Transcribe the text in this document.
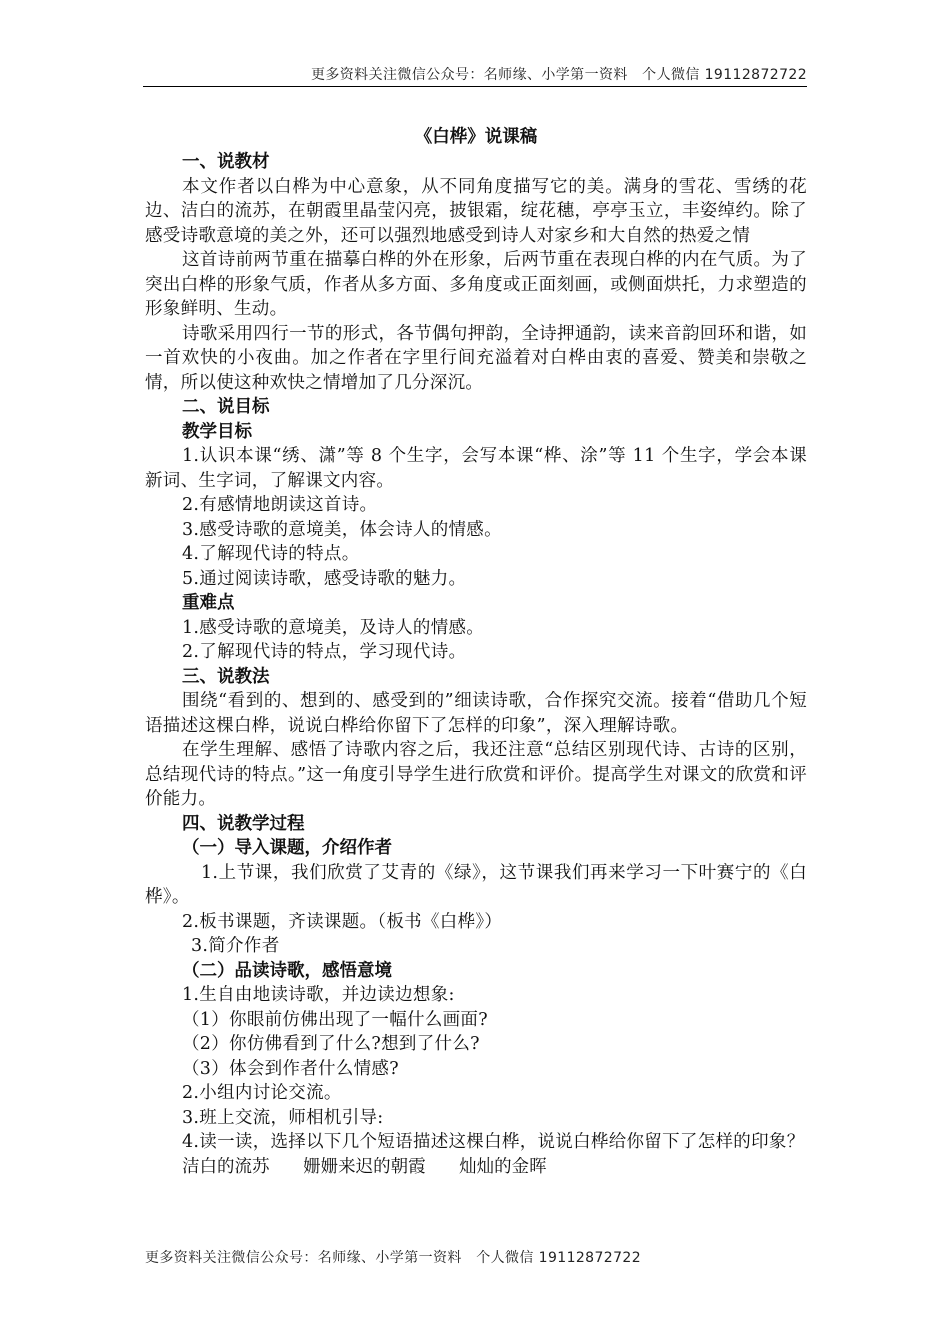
更多资料关注微信公众号：名师缘、小学第一资料　个人微信 19112872722
《白桦》说课稿
一、说教材

本文作者以白桦为中心意象，从不同角度描写它的美。满身的雪花、雪绣的花边、洁白的流苏，在朝霞里晶莹闪亮，披银霜，绽花穗，亭亭玉立，丰姿绰约。除了感受诗歌意境的美之外，还可以强烈地感受到诗人对家乡和大自然的热爱之情

这首诗前两节重在描摹白桦的外在形象，后两节重在表现白桦的内在气质。为了突出白桦的形象气质，作者从多方面、多角度或正面刻画，或侧面烘托，力求塑造的形象鲜明、生动。

诗歌采用四行一节的形式，各节偶句押韵，全诗押通韵，读来音韵回环和谐，如一首欢快的小夜曲。加之作者在字里行间充溢着对白桦由衷的喜爱、赞美和崇敬之情，所以使这种欢快之情增加了几分深沉。

二、说目标
教学目标
1.认识本课“绣、潇”等 8 个生字，会写本课“桦、涂”等 11 个生字，学会本课新词、生字词，了解课文内容。
2.有感情地朗读这首诗。
3.感受诗歌的意境美，体会诗人的情感。
4.了解现代诗的特点。
5.通过阅读诗歌，感受诗歌的魅力。
重难点
1.感受诗歌的意境美，及诗人的情感。
2.了解现代诗的特点，学习现代诗。
三、说教法

围绕“看到的、想到的、感受到的”细读诗歌，合作探究交流。接着“借助几个短语描述这棵白桦，说说白桦给你留下了怎样的印象”，深入理解诗歌。

在学生理解、感悟了诗歌内容之后，我还注意“总结区别现代诗、古诗的区别，总结现代诗的特点。”这一角度引导学生进行欣赏和评价。提高学生对课文的欣赏和评价能力。

四、说教学过程
（一）导入课题，介绍作者
1.上节课，我们欣赏了艾青的《绿》，这节课我们再来学习一下叶赛宁的《白桦》。
2.板书课题，齐读课题。（板书《白桦》）
3.简介作者
（二）品读诗歌，感悟意境
1.生自由地读诗歌，并边读边想象:
（1）你眼前仿佛出现了一幅什么画面?
（2）你仿佛看到了什么?想到了什么?
（3）体会到作者什么情感?
2.小组内讨论交流。
3.班上交流，师相机引导:
4.读一读，选择以下几个短语描述这棵白桦，说说白桦给你留下了怎样的印象？
洁白的流苏 姗姗来迟的朝霞 灿灿的金晖
更多资料关注微信公众号：名师缘、小学第一资料　个人微信 19112872722
